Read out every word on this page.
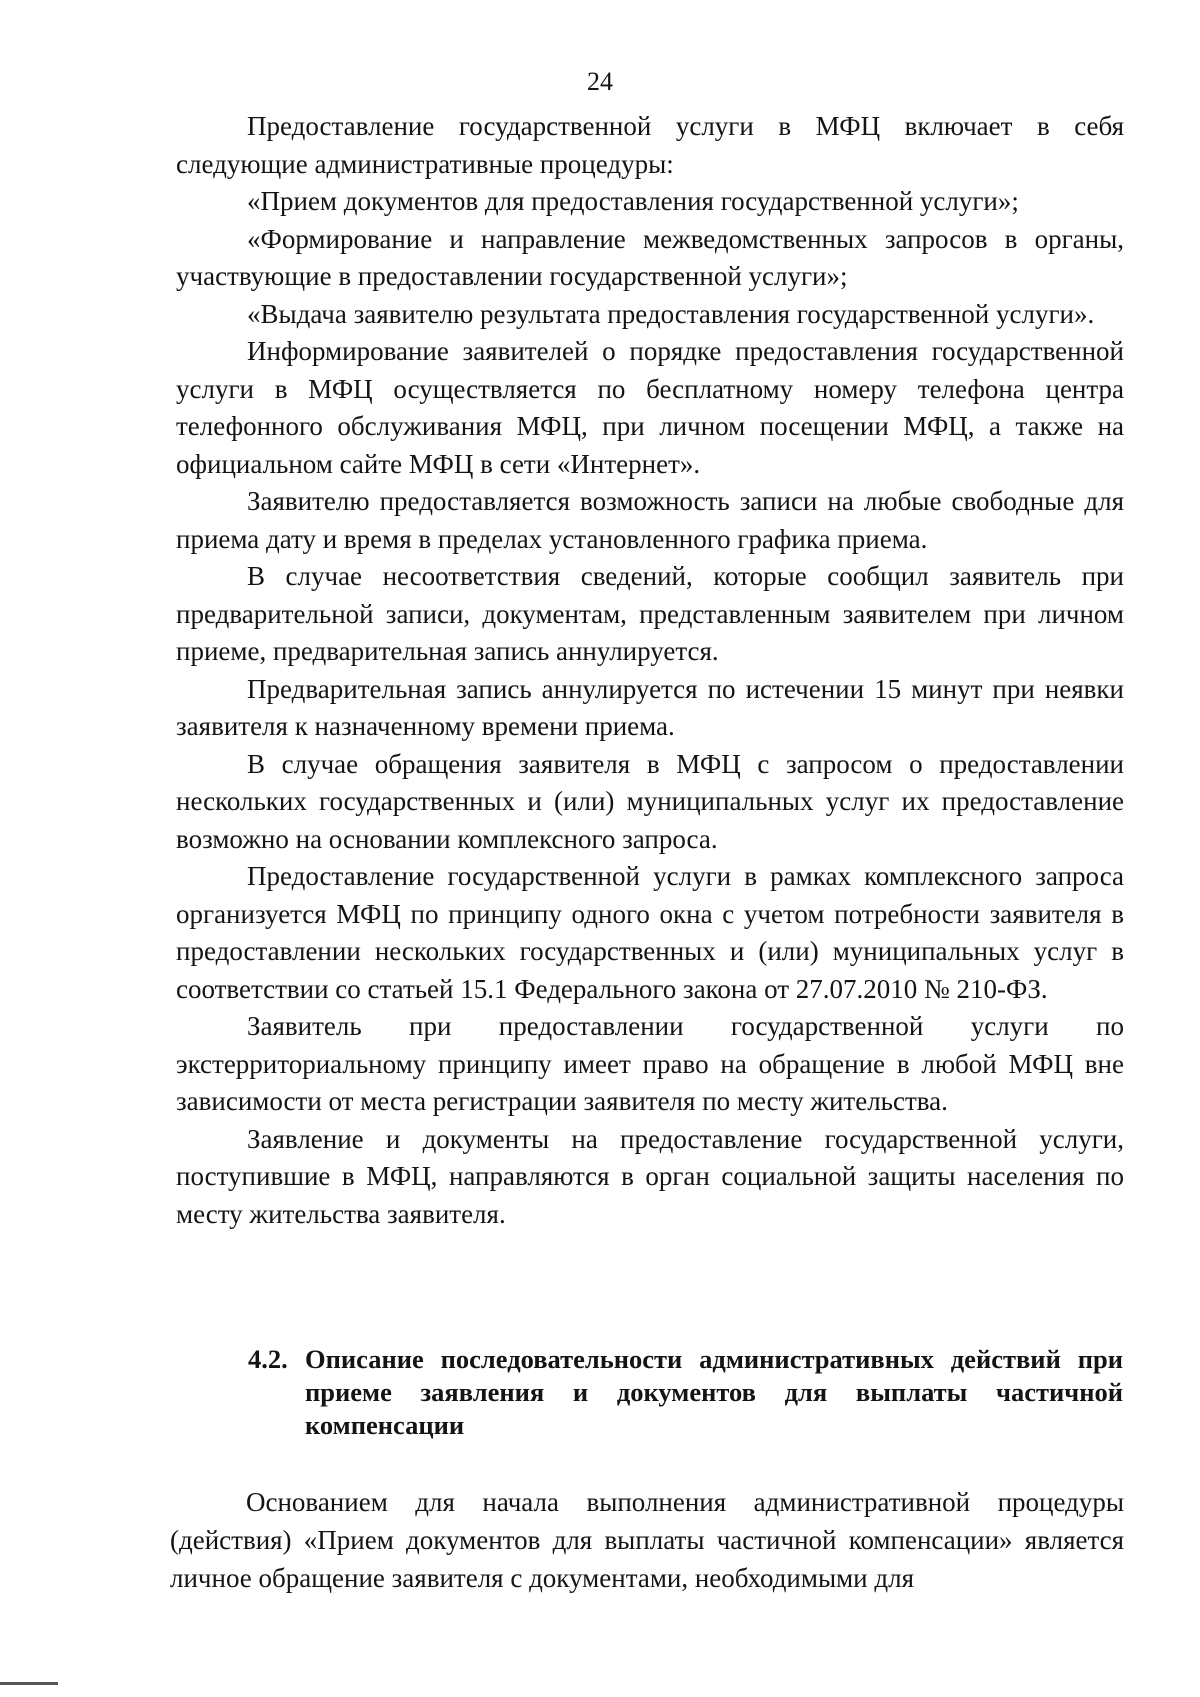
24

Предоставление государственной услуги в МФЦ включает в себя следующие административные процедуры:

«Прием документов для предоставления государственной услуги»;

«Формирование и направление межведомственных запросов в органы, участвующие в предоставлении государственной услуги»;

«Выдача заявителю результата предоставления государственной услуги».

Информирование заявителей о порядке предоставления государственной услуги в МФЦ осуществляется по бесплатному номеру телефона центра телефонного обслуживания МФЦ, при личном посещении МФЦ, а также на официальном сайте МФЦ в сети «Интернет».

Заявителю предоставляется возможность записи на любые свободные для приема дату и время в пределах установленного графика приема.

В случае несоответствия сведений, которые сообщил заявитель при предварительной записи, документам, представленным заявителем при личном приеме, предварительная запись аннулируется.

Предварительная запись аннулируется по истечении 15 минут при неявки заявителя к назначенному времени приема.

В случае обращения заявителя в МФЦ с запросом о предоставлении нескольких государственных и (или) муниципальных услуг их предоставление возможно на основании комплексного запроса.

Предоставление государственной услуги в рамках комплексного запроса организуется МФЦ по принципу одного окна с учетом потребности заявителя в предоставлении нескольких государственных и (или) муниципальных услуг в соответствии со статьей 15.1 Федерального закона от 27.07.2010 № 210-ФЗ.

Заявитель при предоставлении государственной услуги по экстерриториальному принципу имеет право на обращение в любой МФЦ вне зависимости от места регистрации заявителя по месту жительства.

Заявление и документы на предоставление государственной услуги, поступившие в МФЦ, направляются в орган социальной защиты населения по месту жительства заявителя.

4.2. Описание последовательности административных действий при приеме заявления и документов для выплаты частичной компенсации

Основанием для начала выполнения административной процедуры (действия) «Прием документов для выплаты частичной компенсации» является личное обращение заявителя с документами, необходимыми для
